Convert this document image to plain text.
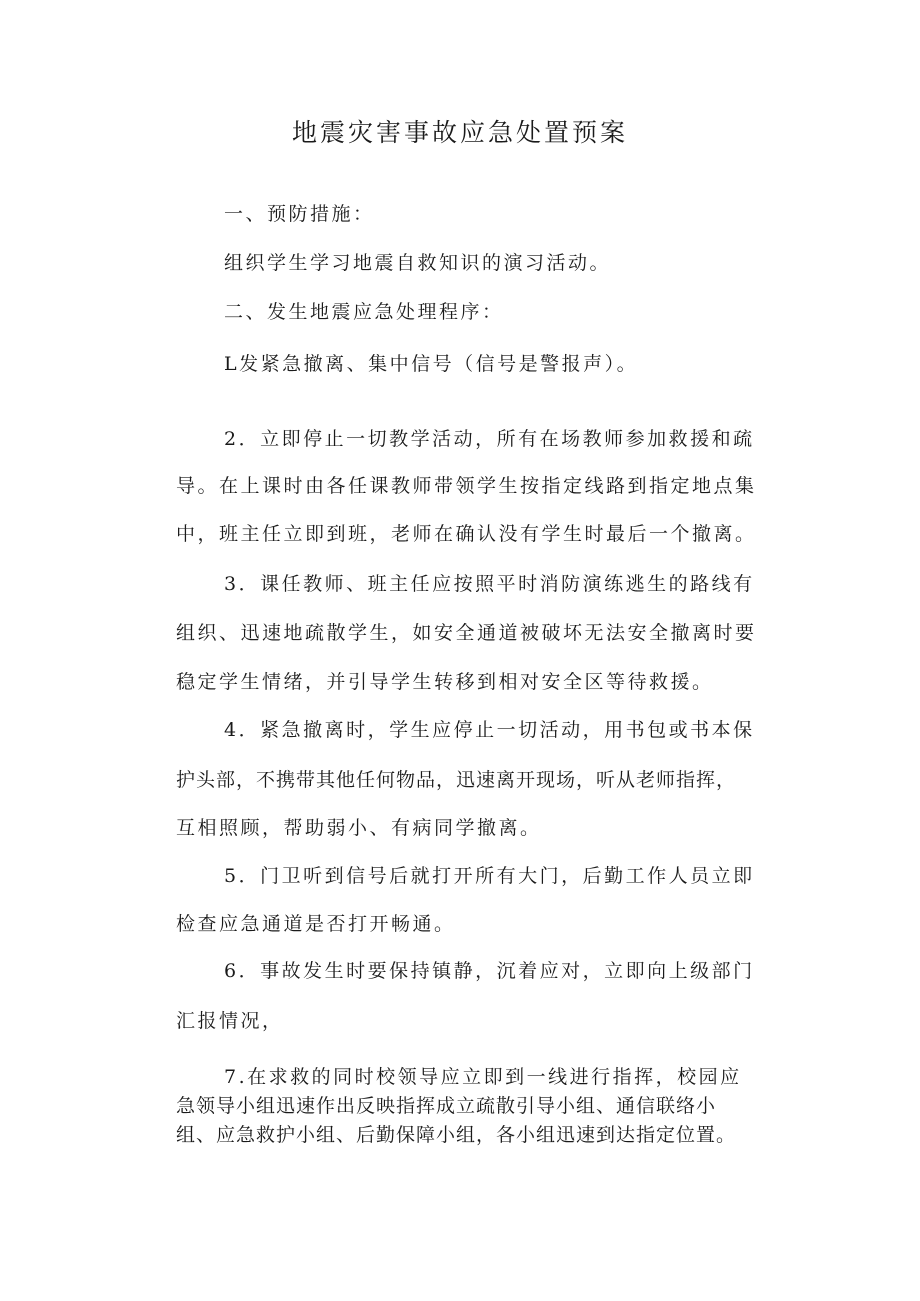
地震灾害事故应急处置预案

一、预防措施：

组织学生学习地震自救知识的演习活动。

二、发生地震应急处理程序：

L发紧急撤离、集中信号（信号是警报声）。

2．立即停止一切教学活动，所有在场教师参加救援和疏

导。在上课时由各任课教师带领学生按指定线路到指定地点集

中，班主任立即到班，老师在确认没有学生时最后一个撤离。

3．课任教师、班主任应按照平时消防演练逃生的路线有

组织、迅速地疏散学生，如安全通道被破坏无法安全撤离时要

稳定学生情绪，并引导学生转移到相对安全区等待救援。

4．紧急撤离时，学生应停止一切活动，用书包或书本保

护头部，不携带其他任何物品，迅速离开现场，听从老师指挥，

互相照顾，帮助弱小、有病同学撤离。

5．门卫听到信号后就打开所有大门，后勤工作人员立即

检查应急通道是否打开畅通。

6．事故发生时要保持镇静，沉着应对，立即向上级部门

汇报情况，

7.在求救的同时校领导应立即到一线进行指挥，校园应

急领导小组迅速作出反映指挥成立疏散引导小组、通信联络小

组、应急救护小组、后勤保障小组，各小组迅速到达指定位置。
